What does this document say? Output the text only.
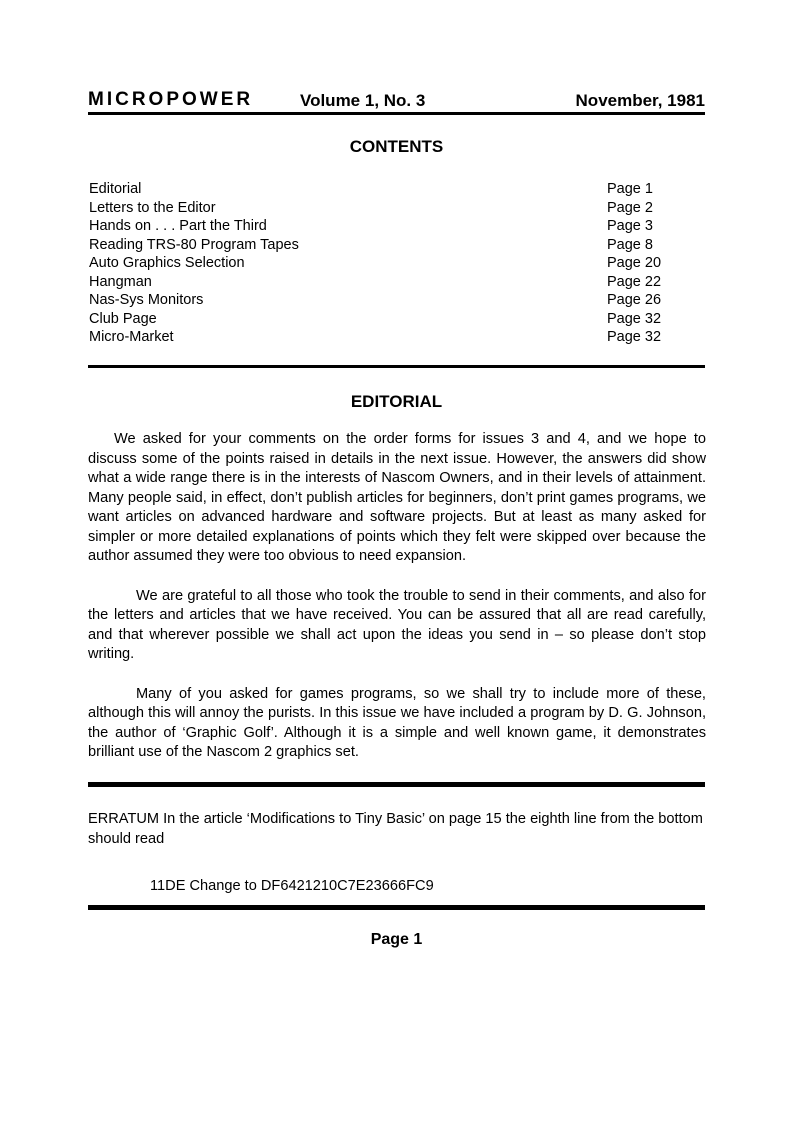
MICROPOWER	Volume 1, No. 3	November, 1981
CONTENTS
Editorial	Page 1
Letters to the Editor	Page 2
Hands on . . . Part the Third	Page 3
Reading TRS-80 Program Tapes	Page 8
Auto Graphics Selection	Page 20
Hangman	Page 22
Nas-Sys Monitors	Page 26
Club Page	Page 32
Micro-Market	Page 32
EDITORIAL

We asked for your comments on the order forms for issues 3 and 4, and we hope to discuss some of the points raised in details in the next issue. However, the answers did show what a wide range there is in the interests of Nascom Owners, and in their levels of attainment. Many people said, in effect, don’t publish articles for beginners, don’t print games programs, we want articles on advanced hardware and software projects. But at least as many asked for simpler or more detailed explanations of points which they felt were skipped over because the author assumed they were too obvious to need expansion.

We are grateful to all those who took the trouble to send in their comments, and also for the letters and articles that we have received. You can be assured that all are read carefully, and that wherever possible we shall act upon the ideas you send in – so please don’t stop writing.

Many of you asked for games programs, so we shall try to include more of these, although this will annoy the purists. In this issue we have included a program by D. G. Johnson, the author of ‘Graphic Golf’. Although it is a simple and well known game, it demonstrates brilliant use of the Nascom 2 graphics set.

ERRATUM In the article ‘Modifications to Tiny Basic’ on page 15 the eighth line from the bottom should read

11DE Change to DF6421210C7E23666FC9

Page 1
